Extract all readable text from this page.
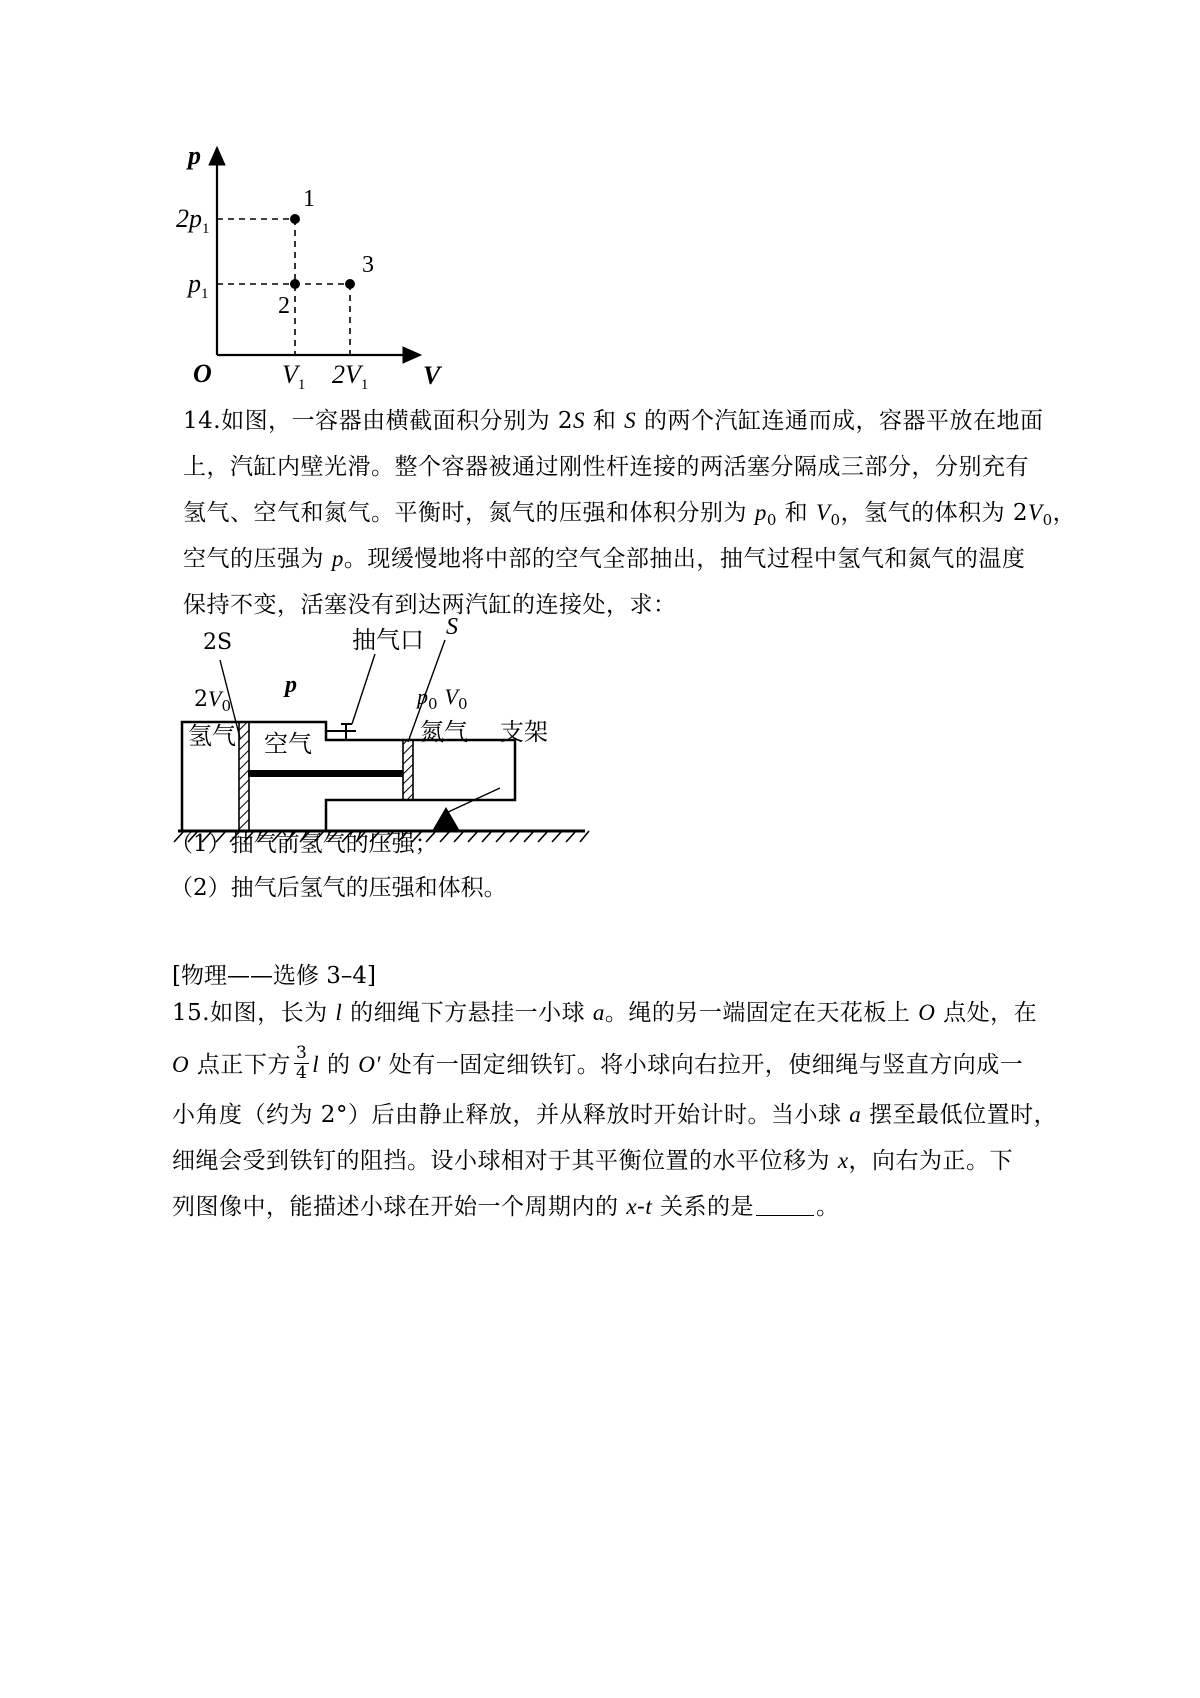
p
V
O
$2p_1$
$p_1$
$V_1$ $2V_1$
1
2
3
14.如图，一容器由横截面积分别为 2S 和 S 的两个汽缸连通而成，容器平放在地面
上，汽缸内壁光滑。整个容器被通过刚性杆连接的两活塞分隔成三部分，分别充有
氢气、空气和氮气。平衡时，氮气的压强和体积分别为 $p_0$ 和 $V_0$，氢气的体积为 $2V_0$，
空气的压强为 p。现缓慢地将中部的空气全部抽出，抽气过程中氢气和氮气的温度
保持不变，活塞没有到达两汽缸的连接处，求：
2S	抽气口 S
p
$2V_0$
氢气 空气
$p_0$ $V_0$
氮气 支架
（1）抽气前氢气的压强；
（2）抽气后氢气的压强和体积。
[物理——选修 3–4]
15.如图，长为 l 的细绳下方悬挂一小球 a。绳的另一端固定在天花板上 O 点处，在
O 点正下方 $\frac{3}{4}$ l 的 O′ 处有一固定细铁钉。将小球向右拉开，使细绳与竖直方向成一
小角度（约为 2°）后由静止释放，并从释放时开始计时。当小球 a 摆至最低位置时，
细绳会受到铁钉的阻挡。设小球相对于其平衡位置的水平位移为 x，向右为正。下
列图像中，能描述小球在开始一个周期内的 x-t 关系的是	。
